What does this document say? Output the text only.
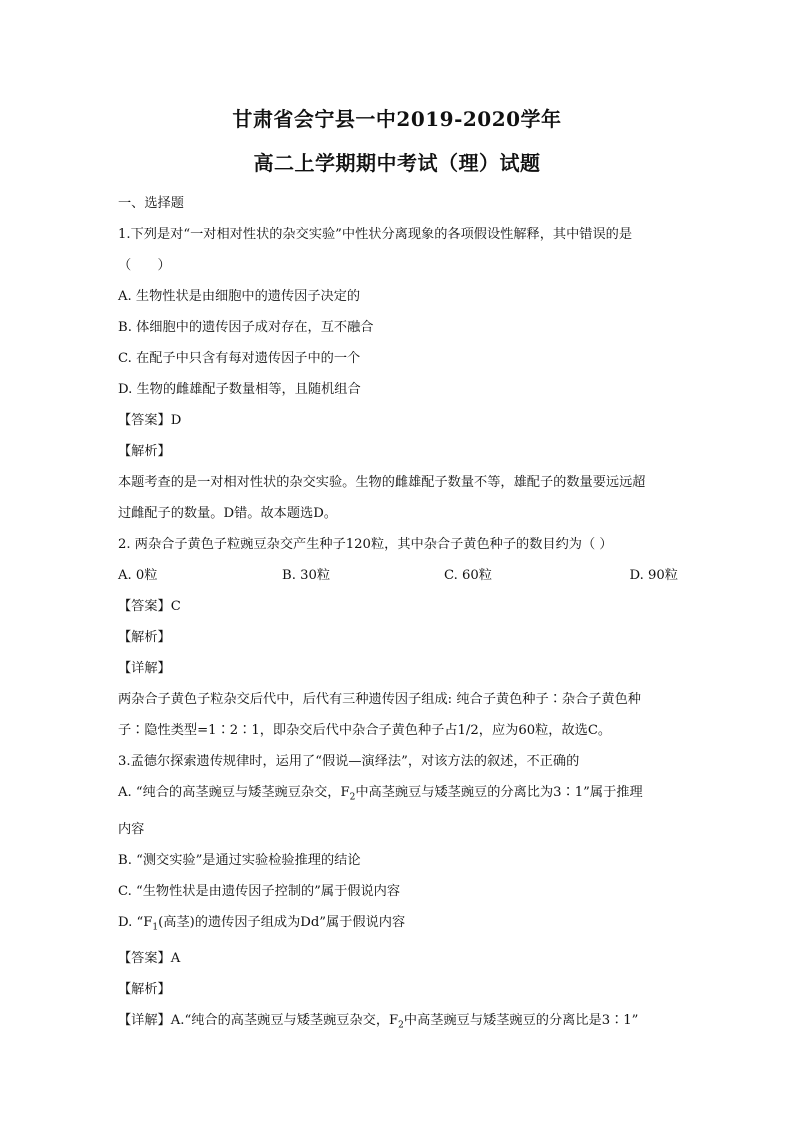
甘肃省会宁县一中2019-2020学年
高二上学期期中考试（理）试题
一、选择题
1.下列是对“一对相对性状的杂交实验”中性状分离现象的各项假设性解释，其中错误的是
（　　）
A. 生物性状是由细胞中的遗传因子决定的
B. 体细胞中的遗传因子成对存在，互不融合
C. 在配子中只含有每对遗传因子中的一个
D. 生物的雌雄配子数量相等，且随机组合
【答案】D
【解析】
本题考查的是一对相对性状的杂交实验。生物的雌雄配子数量不等，雄配子的数量要远远超
过雌配子的数量。D错。故本题选D。
2. 两杂合子黄色子粒豌豆杂交产生种子120粒，其中杂合子黄色种子的数目约为（ ）
A. 0粒	B. 30粒	C. 60粒	D. 90粒
【答案】C
【解析】
【详解】
两杂合子黄色子粒杂交后代中，后代有三种遗传因子组成: 纯合子黄色种子∶杂合子黄色种
子∶隐性类型=1∶2∶1，即杂交后代中杂合子黄色种子占1/2，应为60粒，故选C。
3.孟德尔探索遗传规律时，运用了“假说—演绎法”，对该方法的叙述，不正确的
A. “纯合的高茎豌豆与矮茎豌豆杂交，$F_2$中高茎豌豆与矮茎豌豆的分离比为3∶1”属于推理
内容
B. “测交实验”是通过实验检验推理的结论
C. “生物性状是由遗传因子控制的”属于假说内容
D. “$F_1$(高茎)的遗传因子组成为Dd”属于假说内容
【答案】A
【解析】
【详解】A.“纯合的高茎豌豆与矮茎豌豆杂交，$F_2$中高茎豌豆与矮茎豌豆的分离比是3∶1”
